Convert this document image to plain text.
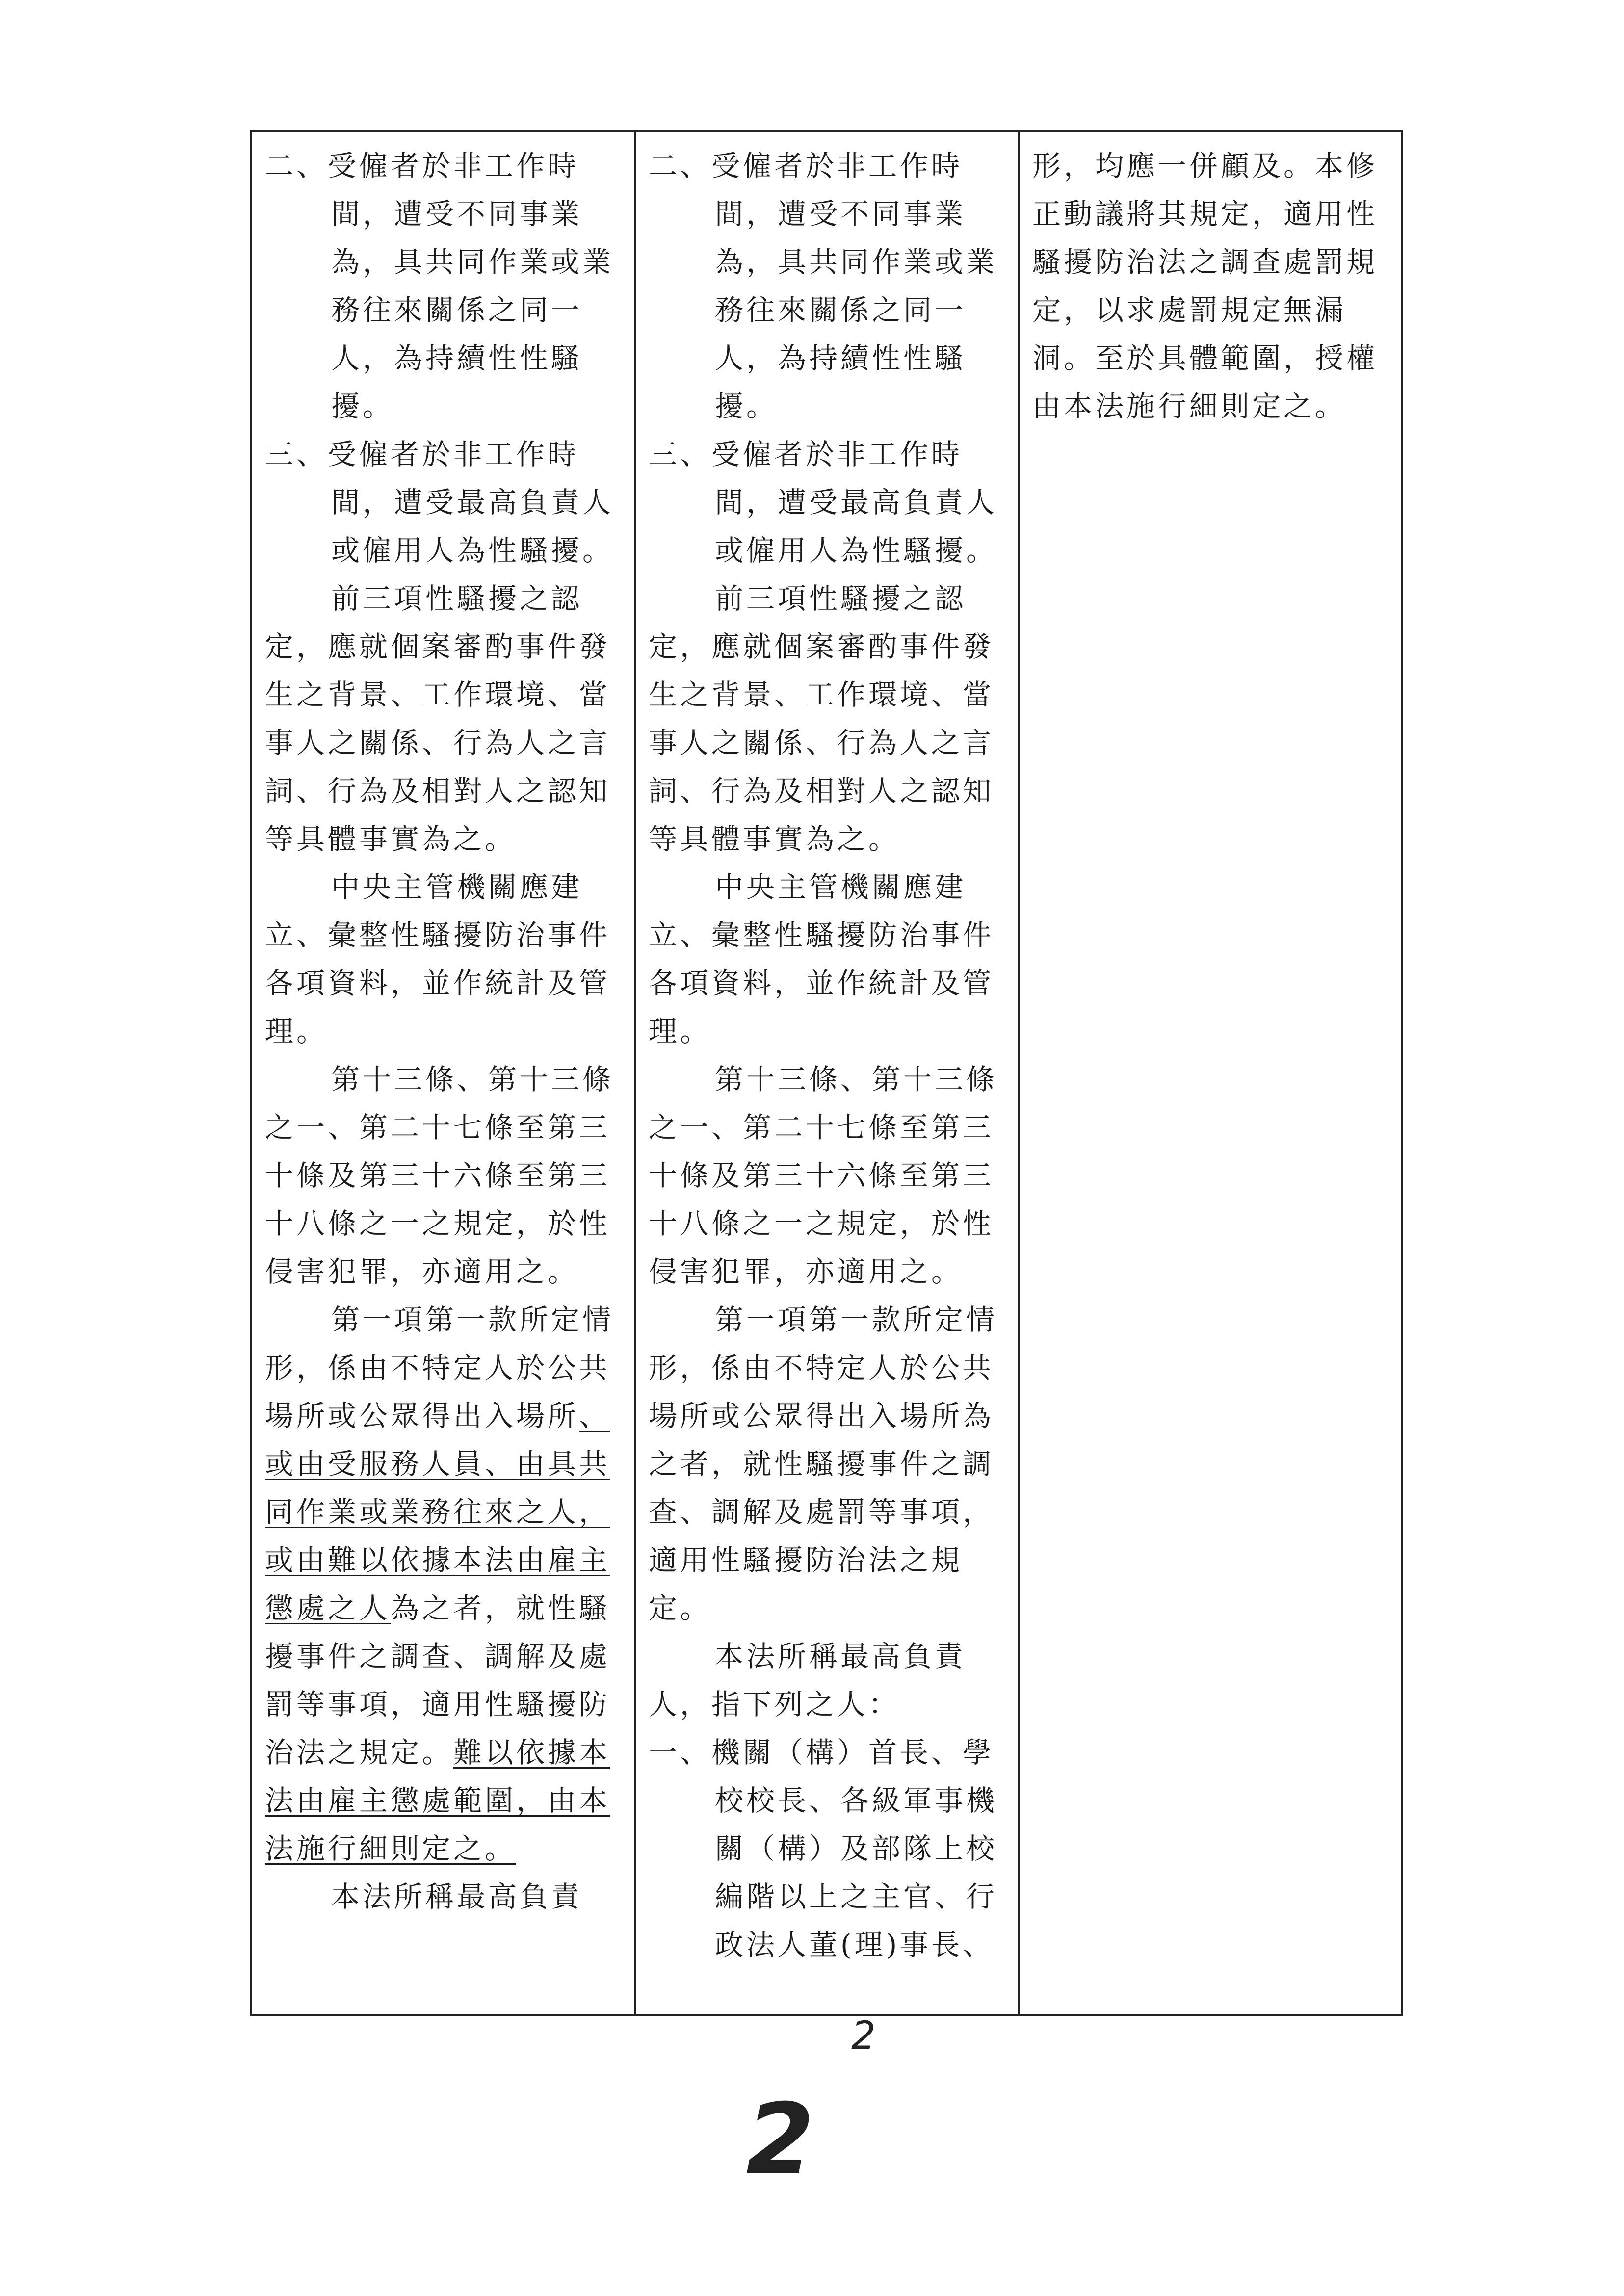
二、受僱者於非工作時間，遭受不同事業為，具共同作業或業務往來關係之同一人，為持續性性騷擾。

三、受僱者於非工作時間，遭受最高負責人或僱用人為性騷擾。

前三項性騷擾之認定，應就個案審酌事件發生之背景、工作環境、當事人之關係、行為人之言詞、行為及相對人之認知等具體事實為之。

中央主管機關應建立、彙整性騷擾防治事件各項資料，並作統計及管理。

第十三條、第十三條之一、第二十七條至第三十條及第三十六條至第三十八條之一之規定，於性侵害犯罪，亦適用之。

第一項第一款所定情形，係由不特定人於公共場所或公眾得出入場所、或由受服務人員、由具共同作業或業務往來之人，或由難以依據本法由雇主懲處之人為之者，就性騷擾事件之調查、調解及處罰等事項，適用性騷擾防治法之規定。難以依據本法由雇主懲處範圍，由本法施行細則定之。

本法所稱最高負責

二、受僱者於非工作時間，遭受不同事業為，具共同作業或業務往來關係之同一人，為持續性性騷擾。

三、受僱者於非工作時間，遭受最高負責人或僱用人為性騷擾。

前三項性騷擾之認定，應就個案審酌事件發生之背景、工作環境、當事人之關係、行為人之言詞、行為及相對人之認知等具體事實為之。

中央主管機關應建立、彙整性騷擾防治事件各項資料，並作統計及管理。

第十三條、第十三條之一、第二十七條至第三十條及第三十六條至第三十八條之一之規定，於性侵害犯罪，亦適用之。

第一項第一款所定情形，係由不特定人於公共場所或公眾得出入場所為之者，就性騷擾事件之調查、調解及處罰等事項，適用性騷擾防治法之規定。

本法所稱最高負責人，指下列之人：

一、機關（構）首長、學校校長、各級軍事機關（構）及部隊上校編階以上之主官、行政法人董(理)事長、

形，均應一併顧及。本修正動議將其規定，適用性騷擾防治法之調查處罰規定，以求處罰規定無漏洞。至於具體範圍，授權由本法施行細則定之。

2
2
